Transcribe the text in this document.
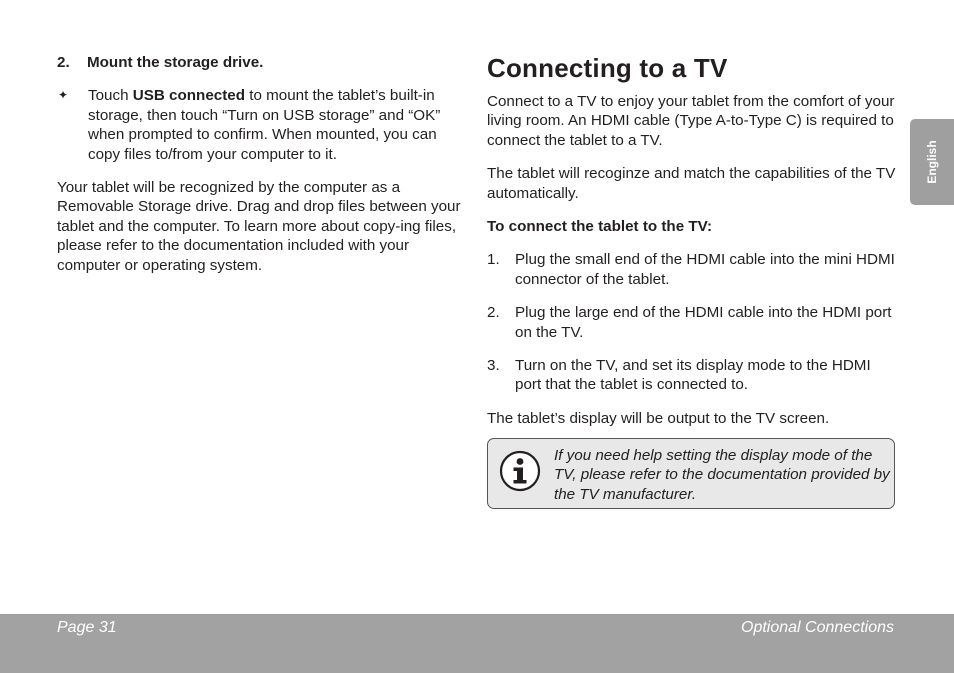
2.	Mount the storage drive.
✦	Touch USB connected to mount the tablet’s built-in storage, then touch “Turn on USB storage” and “OK” when prompted to confirm. When mounted, you can copy files to/from your computer to it.

Your tablet will be recognized by the computer as a Removable Storage drive. Drag and drop files between your tablet and the computer. To learn more about copy-ing files, please refer to the documentation included with your computer or operating system.

Connecting to a TV

Connect to a TV to enjoy your tablet from the comfort of your living room. An HDMI cable (Type A-to-Type C) is required to connect the tablet to a TV.

The tablet will recoginze and match the capabilities of the TV automatically.

To connect the tablet to the TV:
1.	Plug the small end of the HDMI cable into the mini HDMI connector of the tablet.
2.	Plug the large end of the HDMI cable into the HDMI port on the TV.
3.	Turn on the TV, and set its display mode to the HDMI port that the tablet is connected to.

The tablet’s display will be output to the TV screen.

If you need help setting the display mode of the TV, please refer to the documentation provided by the TV manufacturer.
English
Page 31	Optional Connections
